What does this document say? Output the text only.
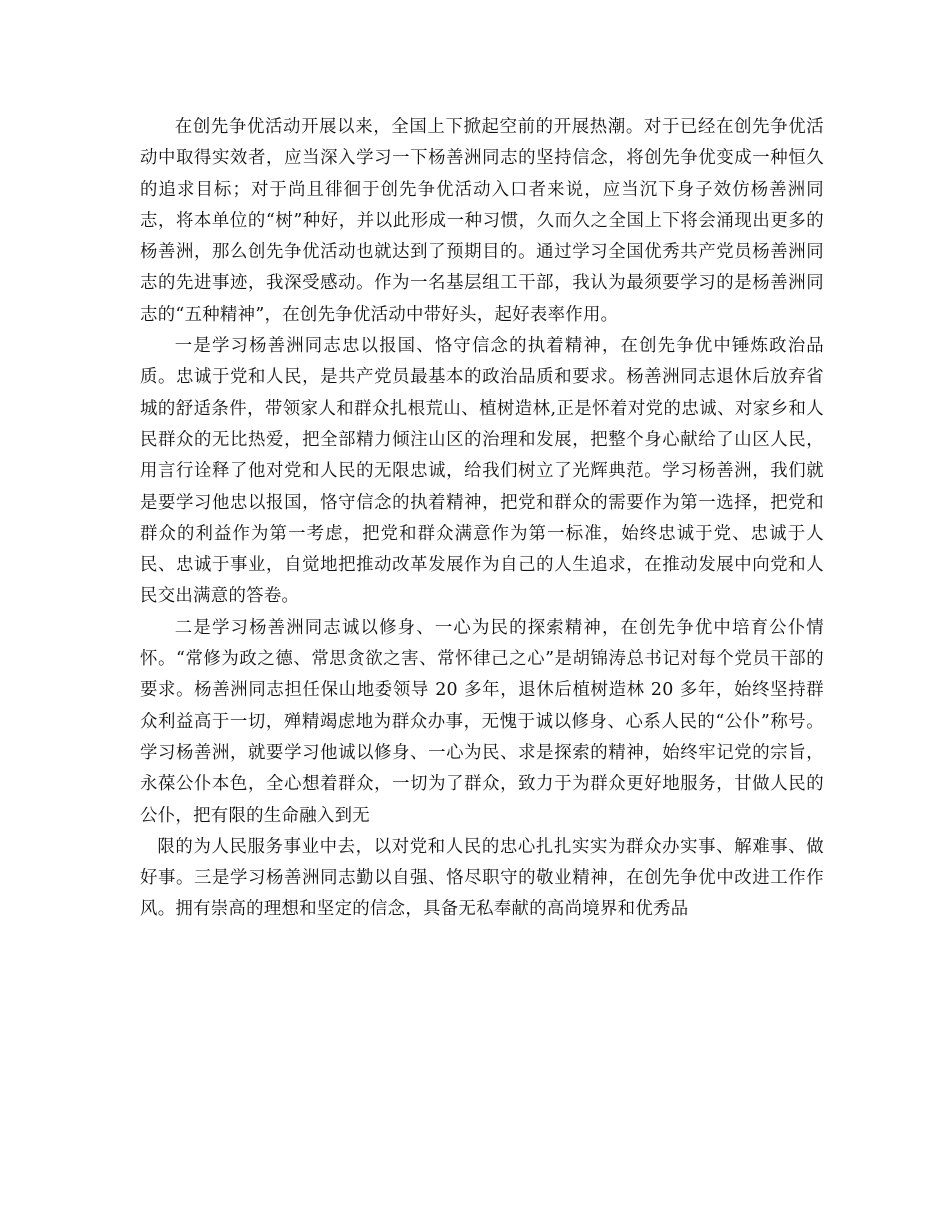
在创先争优活动开展以来，全国上下掀起空前的开展热潮。对于已经在创先争优活动中取得实效者，应当深入学习一下杨善洲同志的坚持信念，将创先争优变成一种恒久的追求目标；对于尚且徘徊于创先争优活动入口者来说，应当沉下身子效仿杨善洲同志，将本单位的“树”种好，并以此形成一种习惯，久而久之全国上下将会涌现出更多的杨善洲，那么创先争优活动也就达到了预期目的。通过学习全国优秀共产党员杨善洲同志的先进事迹，我深受感动。作为一名基层组工干部，我认为最须要学习的是杨善洲同志的“五种精神”，在创先争优活动中带好头，起好表率作用。

一是学习杨善洲同志忠以报国、恪守信念的执着精神，在创先争优中锤炼政治品质。忠诚于党和人民，是共产党员最基本的政治品质和要求。杨善洲同志退休后放弃省城的舒适条件，带领家人和群众扎根荒山、植树造林,正是怀着对党的忠诚、对家乡和人民群众的无比热爱，把全部精力倾注山区的治理和发展，把整个身心献给了山区人民，用言行诠释了他对党和人民的无限忠诚，给我们树立了光辉典范。学习杨善洲，我们就是要学习他忠以报国，恪守信念的执着精神，把党和群众的需要作为第一选择，把党和群众的利益作为第一考虑，把党和群众满意作为第一标准，始终忠诚于党、忠诚于人民、忠诚于事业，自觉地把推动改革发展作为自己的人生追求，在推动发展中向党和人民交出满意的答卷。

二是学习杨善洲同志诚以修身、一心为民的探索精神，在创先争优中培育公仆情怀。“常修为政之德、常思贪欲之害、常怀律己之心”是胡锦涛总书记对每个党员干部的要求。杨善洲同志担任保山地委领导 20 多年，退休后植树造林 20 多年，始终坚持群众利益高于一切，殚精竭虑地为群众办事，无愧于诚以修身、心系人民的“公仆”称号。学习杨善洲，就要学习他诚以修身、一心为民、求是探索的精神，始终牢记党的宗旨，永葆公仆本色，全心想着群众，一切为了群众，致力于为群众更好地服务，甘做人民的公仆，把有限的生命融入到无

限的为人民服务事业中去，以对党和人民的忠心扎扎实实为群众办实事、解难事、做好事。三是学习杨善洲同志勤以自强、恪尽职守的敬业精神，在创先争优中改进工作作风。拥有崇高的理想和坚定的信念，具备无私奉献的高尚境界和优秀品
